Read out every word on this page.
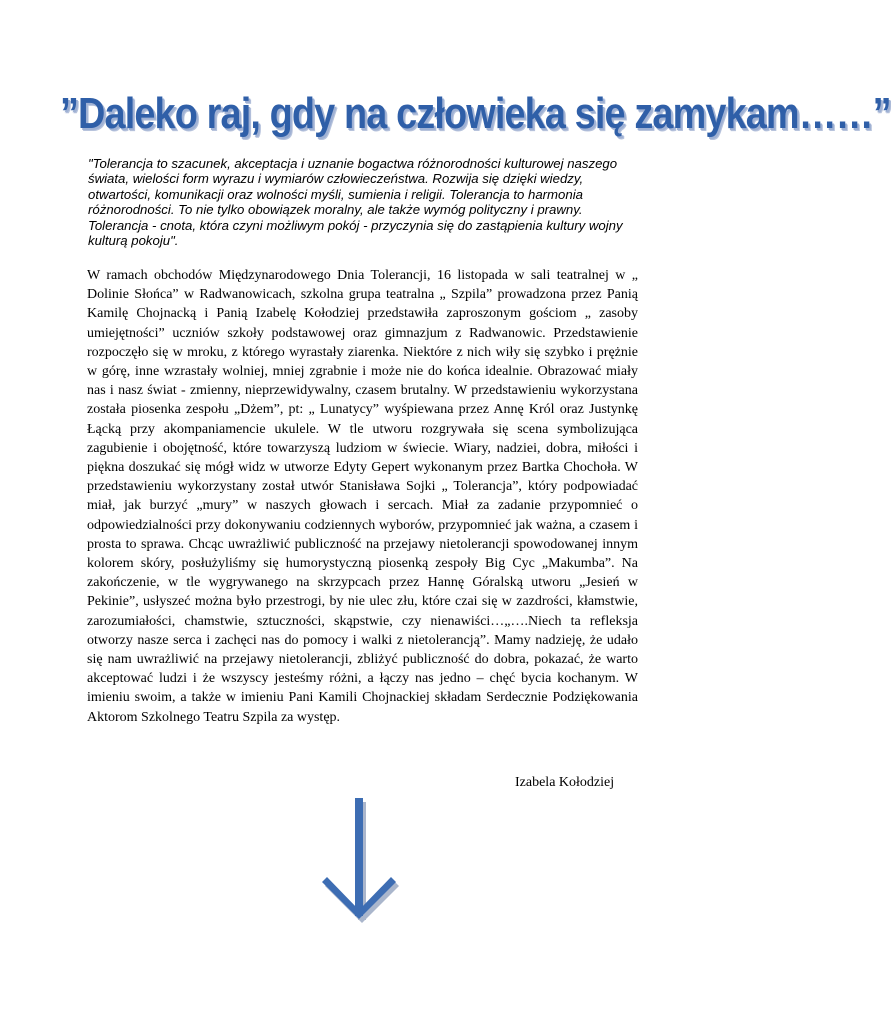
”Daleko raj, gdy na człowieka się zamykam……”

"Tolerancja to szacunek, akceptacja i uznanie bogactwa różnorodności kulturowej naszego świata, wielości form wyrazu i wymiarów człowieczeństwa. Rozwija się dzięki wiedzy, otwartości, komunikacji oraz wolności myśli, sumienia i religii. Tolerancja to harmonia różnorodności. To nie tylko obowiązek moralny, ale także wymóg polityczny i prawny. Tolerancja - cnota, która czyni możliwym pokój - przyczynia się do zastąpienia kultury wojny kulturą pokoju".

W ramach obchodów Międzynarodowego Dnia Tolerancji, 16 listopada w sali teatralnej w „ Dolinie Słońca” w Radwanowicach, szkolna grupa teatralna „ Szpila” prowadzona przez Panią Kamilę Chojnacką i Panią Izabelę Kołodziej przedstawiła zaproszonym gościom „ zasoby umiejętności” uczniów szkoły podstawowej oraz gimnazjum z Radwanowic. Przedstawienie rozpoczęło się w mroku, z którego wyrastały ziarenka. Niektóre z nich wiły się szybko i prężnie w górę, inne wzrastały wolniej, mniej zgrabnie i może nie do końca idealnie. Obrazować miały nas i nasz świat - zmienny, nieprzewidywalny, czasem brutalny. W przedstawieniu wykorzystana została piosenka zespołu „Dżem”, pt: „ Lunatycy” wyśpiewana przez Annę Król oraz Justynkę Łącką przy akompaniamencie ukulele. W tle utworu rozgrywała się scena symbolizująca zagubienie i obojętność, które towarzyszą ludziom w świecie. Wiary, nadziei, dobra, miłości i piękna doszukać się mógł widz w utworze Edyty Gepert wykonanym przez Bartka Chochoła. W przedstawieniu wykorzystany został utwór Stanisława Sojki „ Tolerancja”, który podpowiadać miał, jak burzyć „mury” w naszych głowach i sercach. Miał za zadanie przypomnieć o odpowiedzialności przy dokonywaniu codziennych wyborów, przypomnieć jak ważna, a czasem i prosta to sprawa. Chcąc uwrażliwić publiczność na przejawy nietolerancji spowodowanej innym kolorem skóry, posłużyliśmy się humorystyczną piosenką zespoły Big Cyc „Makumba”. Na zakończenie, w tle wygrywanego na skrzypcach przez Hannę Góralską utworu „Jesień w Pekinie”, usłyszeć można było przestrogi, by nie ulec złu, które czai się w zazdrości, kłamstwie, zarozumiałości, chamstwie, sztuczności, skąpstwie, czy nienawiści…„….Niech ta refleksja otworzy nasze serca i zachęci nas do pomocy i walki z nietolerancją”. Mamy nadzieję, że udało się nam uwrażliwić na przejawy nietolerancji, zbliżyć publiczność do dobra, pokazać, że warto akceptować ludzi i że wszyscy jesteśmy różni, a łączy nas jedno – chęć bycia kochanym. W imieniu swoim, a także w imieniu Pani Kamili Chojnackiej składam Serdecznie Podziękowania Aktorom Szkolnego Teatru Szpila za występ.

Izabela Kołodziej
